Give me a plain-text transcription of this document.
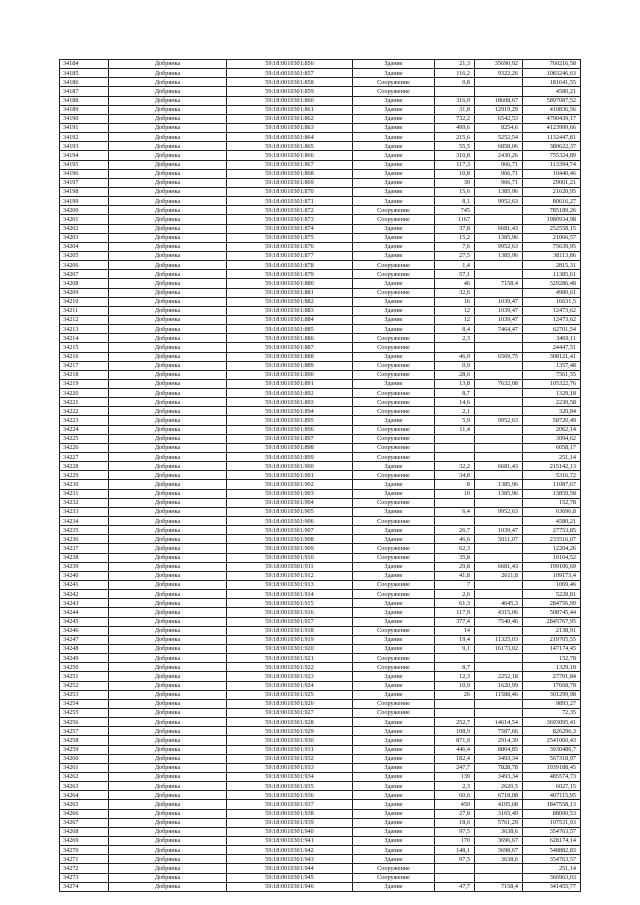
34184	Добрянка	59:18:0010301:856	Здание	21,3	35690,92	760216,58
34185	Добрянка	59:18:0010301:857	Здание	116,2	9322,26	1083246,63
34186	Добрянка	59:18:0010301:858	Сооружение	0,8		181641,55
34187	Добрянка	59:18:0010301:859	Сооружение			4580,21
34188	Добрянка	59:18:0010301:860	Здание	316,9	18608,67	5897087,52
34189	Добрянка	59:18:0010301:861	Здание	31,8	12919,29	410836,56
34190	Добрянка	59:18:0010301:862	Здание	732,2	6542,53	4790439,17
34191	Добрянка	59:18:0010301:863	Здание	499,6	8254,6	4123999,66
34192	Добрянка	59:18:0010301:864	Здание	215,6	5252,54	1132447,81
34193	Добрянка	59:18:0010301:865	Здание	55,5	6858,06	380622,37
34194	Добрянка	59:18:0010301:866	Здание	310,8	2430,26	755324,89
34195	Добрянка	59:18:0010301:867	Здание	117,3	966,71	113394,74
34196	Добрянка	59:18:0010301:868	Здание	10,8	966,71	10440,46
34197	Добрянка	59:18:0010301:869	Здание	30	966,71	29001,21
34198	Добрянка	59:18:0010301:870	Здание	15,6	1385,96	21620,95
34199	Добрянка	59:18:0010301:871	Здание	8,1	9952,63	80616,27
34200	Добрянка	59:18:0010301:872	Сооружение	745		785189,26
34201	Добрянка	59:18:0010301:873	Сооружение	1167		1980934,98
34202	Добрянка	59:18:0010301:874	Здание	37,8	6681,43	252558,15
34203	Добрянка	59:18:0010301:875	Здание	15,2	1385,96	21066,57
34204	Добрянка	59:18:0010301:876	Здание	7,6	9952,63	75639,95
34205	Добрянка	59:18:0010301:877	Здание	27,5	1385,96	38113,86
34206	Добрянка	59:18:0010301:878	Сооружение	1,4		2815,31
34207	Добрянка	59:18:0010301:879	Сооружение	57,1		11385,61
34208	Добрянка	59:18:0010301:880	Здание	46	7158,4	329286,48
34209	Добрянка	59:18:0010301:881	Сооружение	32,6		4980,61
34210	Добрянка	59:18:0010301:882	Здание	16	1039,47	16631,5
34211	Добрянка	59:18:0010301:883	Здание	12	1039,47	12473,62
34212	Добрянка	59:18:0010301:884	Здание	12	1039,47	12473,62
34213	Добрянка	59:18:0010301:885	Здание	8,4	7464,47	62701,54
34214	Добрянка	59:18:0010301:886	Сооружение	2,3		3469,11
34215	Добрянка	59:18:0010301:887	Сооружение			24447,51
34216	Добрянка	59:18:0010301:888	Здание	46,9	6569,75	308121,41
34217	Добрянка	59:18:0010301:889	Сооружение	0,9		1357,48
34218	Добрянка	59:18:0010301:890	Сооружение	28,6		7561,55
34219	Добрянка	59:18:0010301:891	Здание	13,8	7632,08	105322,76
34220	Добрянка	59:18:0010301:892	Сооружение	8,7		1329,18
34221	Добрянка	59:18:0010301:893	Сооружение	14,6		2230,58
34222	Добрянка	59:18:0010301:894	Сооружение	2,1		320,84
34223	Добрянка	59:18:0010301:895	Здание	5,9	9952,63	58720,49
34224	Добрянка	59:18:0010301:896	Сооружение	11,4		2062,14
34225	Добрянка	59:18:0010301:897	Сооружение			3094,62
34226	Добрянка	59:18:0010301:898	Сооружение			6058,17
34227	Добрянка	59:18:0010301:899	Сооружение			251,14
34228	Добрянка	59:18:0010301:900	Здание	32,2	6681,43	215142,13
34229	Добрянка	59:18:0010301:901	Сооружение	34,8		5316,72
34230	Добрянка	59:18:0010301:902	Здание	8	1385,96	11087,67
34231	Добрянка	59:18:0010301:903	Здание	10	1385,96	13859,58
34232	Добрянка	59:18:0010301:904	Сооружение			152,78
34233	Добрянка	59:18:0010301:905	Здание	6,4	9952,63	63696,8
34234	Добрянка	59:18:0010301:906	Сооружение			4580,21
34235	Добрянка	59:18:0010301:907	Здание	26,7	1039,47	27753,85
34236	Добрянка	59:18:0010301:908	Здание	46,6	5011,07	233516,07
34237	Добрянка	59:18:0010301:909	Сооружение	62,3		12204,26
34238	Добрянка	59:18:0010301:910	Сооружение	35,8		10104,52
34239	Добрянка	59:18:0010301:911	Здание	29,8	6681,43	199106,69
34240	Добрянка	59:18:0010301:912	Здание	41,8	2611,8	109173,4
34241	Добрянка	59:18:0010301:913	Сооружение	7		1069,46
34242	Добрянка	59:18:0010301:914	Сооружение	2,6		5228,81
34243	Добрянка	59:18:0010301:915	Здание	61,3	4645,3	284756,99
34244	Добрянка	59:18:0010301:916	Здание	117,9	4315,06	508745,44
34245	Добрянка	59:18:0010301:917	Здание	377,4	7540,46	2845767,95
34246	Добрянка	59:18:0010301:918	Сооружение	14		2138,91
34247	Добрянка	59:18:0010301:919	Здание	19,4	11325,03	219705,55
34248	Добрянка	59:18:0010301:920	Здание	9,1	16173,02	147174,45
34249	Добрянка	59:18:0010301:921	Сооружение			152,78
34250	Добрянка	59:18:0010301:922	Сооружение	8,7		1329,18
34251	Добрянка	59:18:0010301:923	Здание	12,3	2252,18	27701,84
34252	Добрянка	59:18:0010301:924	Здание	10,9	1620,99	17668,78
34253	Добрянка	59:18:0010301:925	Здание	26	11588,46	301299,98
34254	Добрянка	59:18:0010301:926	Сооружение			9893,27
34255	Добрянка	59:18:0010301:927	Сооружение			72,35
34256	Добрянка	59:18:0010301:928	Здание	252,7	14614,54	3693095,41
34257	Добрянка	59:18:0010301:929	Здание	108,9	7587,66	826296,3
34258	Добрянка	59:18:0010301:930	Здание	871,9	2914,39	2541060,43
34259	Добрянка	59:18:0010301:931	Здание	446,4	8804,85	3930486,7
34260	Добрянка	59:18:0010301:932	Здание	182,4	3493,34	567318,97
34261	Добрянка	59:18:0010301:933	Здание	247,7	7828,78	1939188,45
34262	Добрянка	59:18:0010301:934	Здание	139	3493,34	485574,73
34263	Добрянка	59:18:0010301:935	Здание	2,3	2620,5	6027,15
34264	Добрянка	59:18:0010301:936	Здание	60,6	6718,08	407115,95
34265	Добрянка	59:18:0010301:937	Здание	450	4105,68	1847558,13
34266	Добрянка	59:18:0010301:938	Здание	27,8	3165,49	88000,53
34267	Добрянка	59:18:0010301:939	Здание	18,6	5761,29	107531,93
34268	Добрянка	59:18:0010301:940	Здание	97,5	3638,6	354763,57
34269	Добрянка	59:18:0010301:941	Здание	170	3696,67	628174,14
34270	Добрянка	59:18:0010301:942	Здание	148,1	3698,67	548882,83
34271	Добрянка	59:18:0010301:943	Здание	97,5	3638,6	354763,57
34272	Добрянка	59:18:0010301:944	Сооружение			251,14
34273	Добрянка	59:18:0010301:945	Сооружение			366963,03
34274	Добрянка	59:18:0010301:946	Здание	47,7	7158,4	341455,77
